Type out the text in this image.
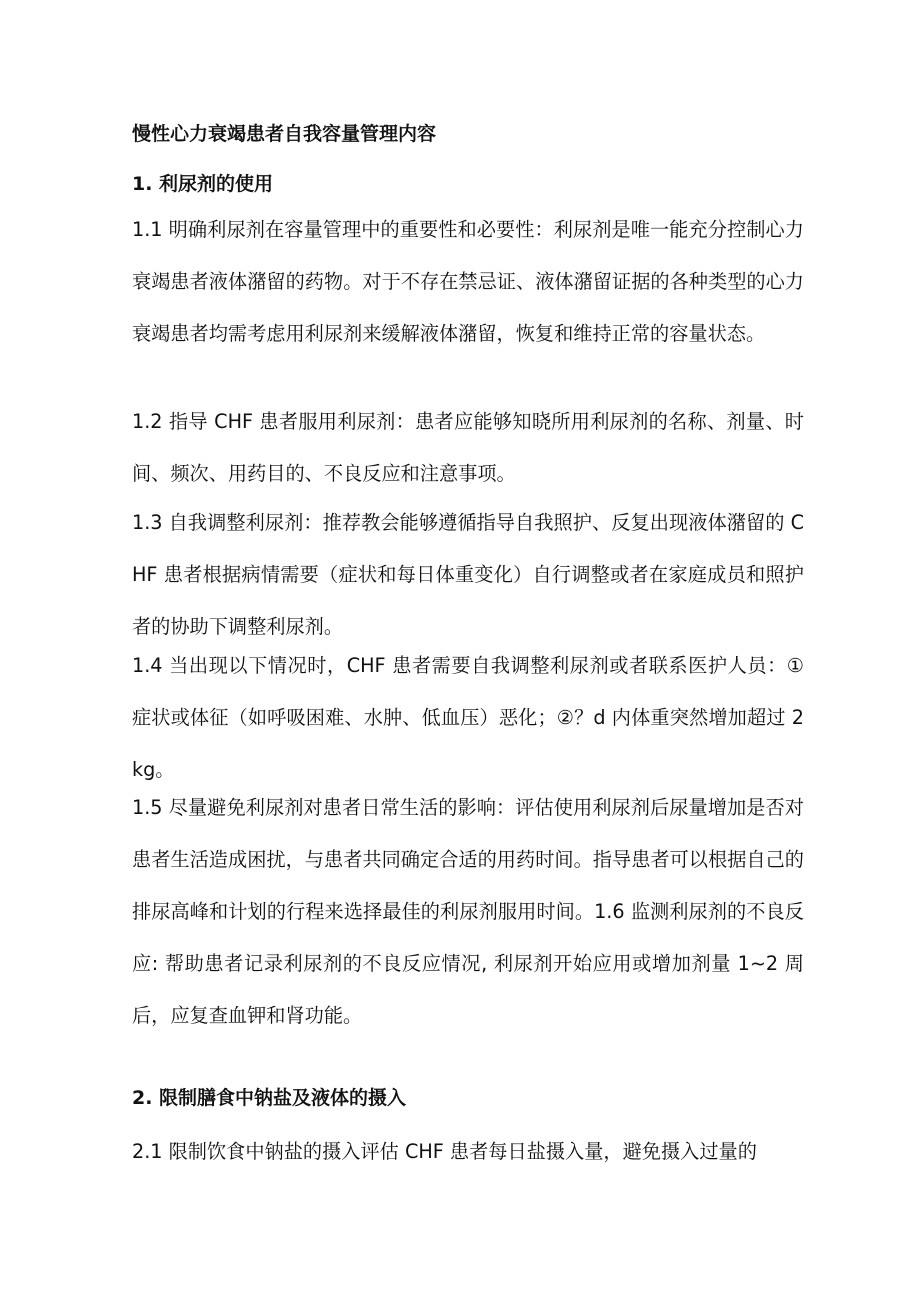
慢性心力衰竭患者自我容量管理内容
1. 利尿剂的使用

1.1 明确利尿剂在容量管理中的重要性和必要性：利尿剂是唯一能充分控制心力衰竭患者液体潴留的药物。对于不存在禁忌证、液体潴留证据的各种类型的心力衰竭患者均需考虑用利尿剂来缓解液体潴留，恢复和维持正常的容量状态。

1.2 指导 CHF 患者服用利尿剂：患者应能够知晓所用利尿剂的名称、剂量、时间、频次、用药目的、不良反应和注意事项。

1.3 自我调整利尿剂：推荐教会能够遵循指导自我照护、反复出现液体潴留的 CHF 患者根据病情需要（症状和每日体重变化）自行调整或者在家庭成员和照护者的协助下调整利尿剂。

1.4 当出现以下情况时，CHF 患者需要自我调整利尿剂或者联系医护人员：①症状或体征（如呼吸困难、水肿、低血压）恶化；②？d 内体重突然增加超过 2kg。

1.5 尽量避免利尿剂对患者日常生活的影响：评估使用利尿剂后尿量增加是否对患者生活造成困扰，与患者共同确定合适的用药时间。指导患者可以根据自己的排尿高峰和计划的行程来选择最佳的利尿剂服用时间。1.6 监测利尿剂的不良反应: 帮助患者记录利尿剂的不良反应情况, 利尿剂开始应用或增加剂量 1~2 周后，应复查血钾和肾功能。

2. 限制膳食中钠盐及液体的摄入

2.1 限制饮食中钠盐的摄入评估 CHF 患者每日盐摄入量，避免摄入过量的
